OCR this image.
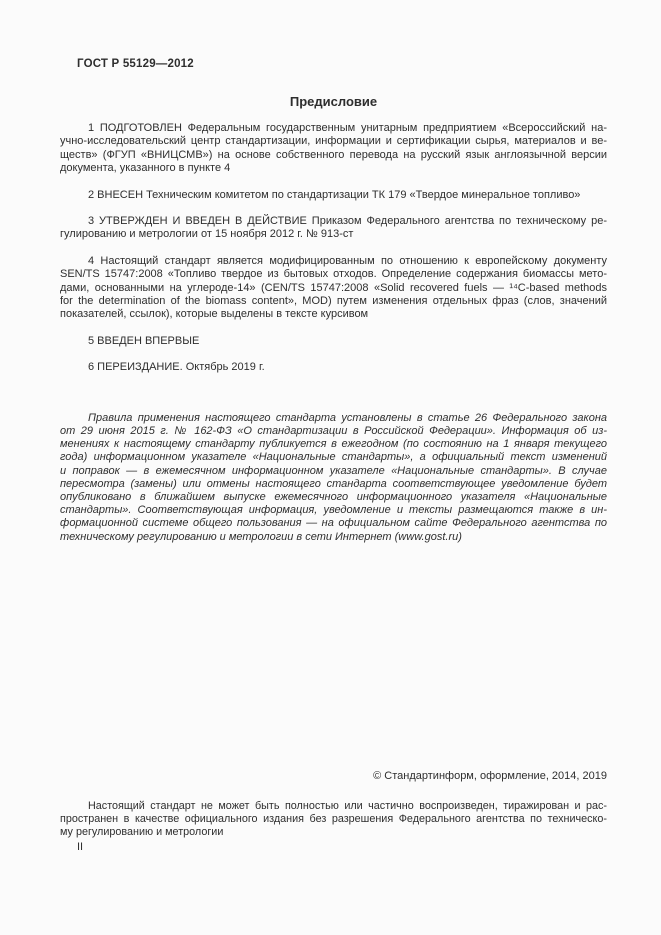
ГОСТ Р 55129—2012
Предисловие
1 ПОДГОТОВЛЕН Федеральным государственным унитарным предприятием «Всероссийский на-
учно-исследовательский центр стандартизации, информации и сертификации сырья, материалов и ве-
ществ» (ФГУП «ВНИЦСМВ») на основе собственного перевода на русский язык англоязычной версии
документа, указанного в пункте 4
2 ВНЕСЕН Техническим комитетом по стандартизации ТК 179 «Твердое минеральное топливо»
3 УТВЕРЖДЕН И ВВЕДЕН В ДЕЙСТВИЕ Приказом Федерального агентства по техническому ре-
гулированию и метрологии от 15 ноября 2012 г. № 913-ст
4 Настоящий стандарт является модифицированным по отношению к европейскому документу
SEN/TS 15747:2008 «Топливо твердое из бытовых отходов. Определение содержания биомассы мето-
дами, основанными на углероде-14» (CEN/TS 15747:2008 «Solid recovered fuels — ¹⁴C-based methods
for the determination of the biomass content», MOD) путем изменения отдельных фраз (слов, значений
показателей, ссылок), которые выделены в тексте курсивом
5 ВВЕДЕН ВПЕРВЫЕ
6 ПЕРЕИЗДАНИЕ. Октябрь 2019 г.
Правила применения настоящего стандарта установлены в статье 26 Федерального закона
от 29 июня 2015 г. № 162-ФЗ «О стандартизации в Российской Федерации». Информация об из-
менениях к настоящему стандарту публикуется в ежегодном (по состоянию на 1 января текущего
года) информационном указателе «Национальные стандарты», а официальный текст изменений
и поправок — в ежемесячном информационном указателе «Национальные стандарты». В случае
пересмотра (замены) или отмены настоящего стандарта соответствующее уведомление будет
опубликовано в ближайшем выпуске ежемесячного информационного указателя «Национальные
стандарты». Соответствующая информация, уведомление и тексты размещаются также в ин-
формационной системе общего пользования — на официальном сайте Федерального агентства по
техническому регулированию и метрологии в сети Интернет (www.gost.ru)
© Стандартинформ, оформление, 2014, 2019
Настоящий стандарт не может быть полностью или частично воспроизведен, тиражирован и рас-
пространен в качестве официального издания без разрешения Федерального агентства по техническо-
му регулированию и метрологии
II
